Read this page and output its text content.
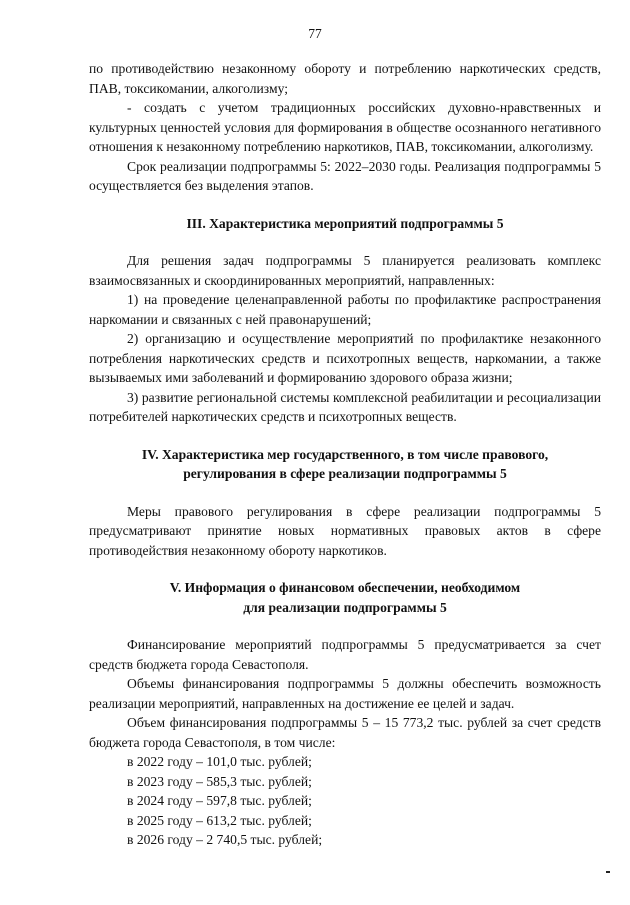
77

по противодействию незаконному обороту и потреблению наркотических средств, ПАВ, токсикомании, алкоголизму;

- создать с учетом традиционных российских духовно-нравственных и культурных ценностей условия для формирования в обществе осознанного негативного отношения к незаконному потреблению наркотиков, ПАВ, токсикомании, алкоголизму.

Срок реализации подпрограммы 5: 2022–2030 годы. Реализация подпрограммы 5 осуществляется без выделения этапов.

III. Характеристика мероприятий подпрограммы 5

Для решения задач подпрограммы 5 планируется реализовать комплекс взаимосвязанных и скоординированных мероприятий, направленных:

1) на проведение целенаправленной работы по профилактике распространения наркомании и связанных с ней правонарушений;

2) организацию и осуществление мероприятий по профилактике незаконного потребления наркотических средств и психотропных веществ, наркомании, а также вызываемых ими заболеваний и формированию здорового образа жизни;

3) развитие региональной системы комплексной реабилитации и ресоциализации потребителей наркотических средств и психотропных веществ.

IV. Характеристика мер государственного, в том числе правового,

регулирования в сфере реализации подпрограммы 5

Меры правового регулирования в сфере реализации подпрограммы 5 предусматривают принятие новых нормативных правовых актов в сфере противодействия незаконному обороту наркотиков.

V. Информация о финансовом обеспечении, необходимом

для реализации подпрограммы 5

Финансирование мероприятий подпрограммы 5 предусматривается за счет средств бюджета города Севастополя.

Объемы финансирования подпрограммы 5 должны обеспечить возможность реализации мероприятий, направленных на достижение ее целей и задач.

Объем финансирования подпрограммы 5 – 15 773,2 тыс. рублей за счет средств бюджета города Севастополя, в том числе:

в 2022 году – 101,0 тыс. рублей;

в 2023 году – 585,3 тыс. рублей;

в 2024 году – 597,8 тыс. рублей;

в 2025 году – 613,2 тыс. рублей;

в 2026 году – 2 740,5 тыс. рублей;
